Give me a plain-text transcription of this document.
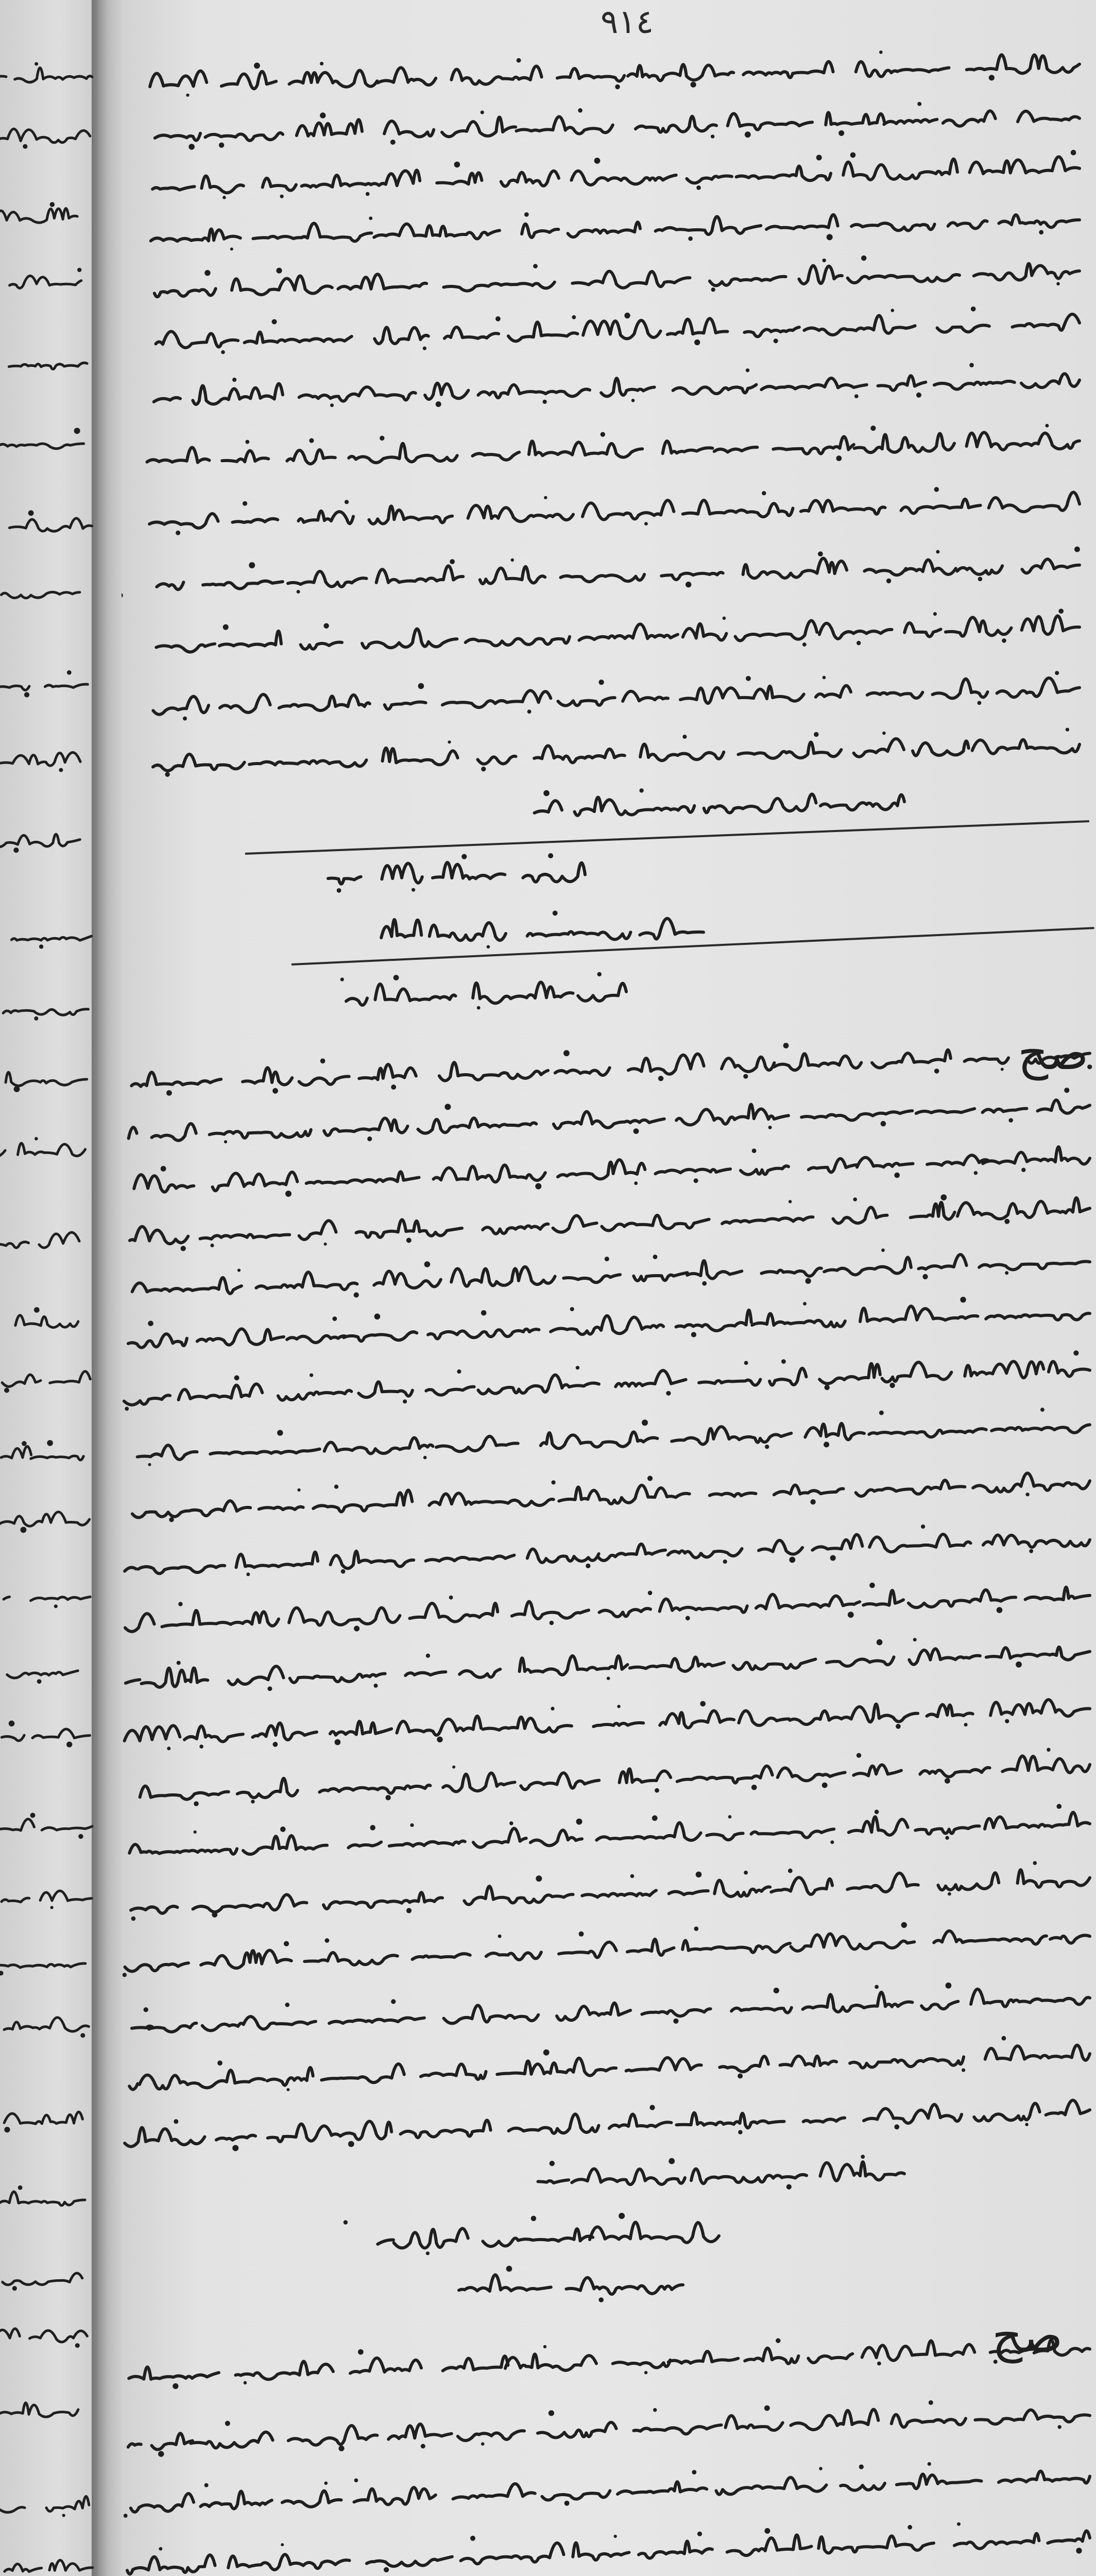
٩١٤
صح
صح
